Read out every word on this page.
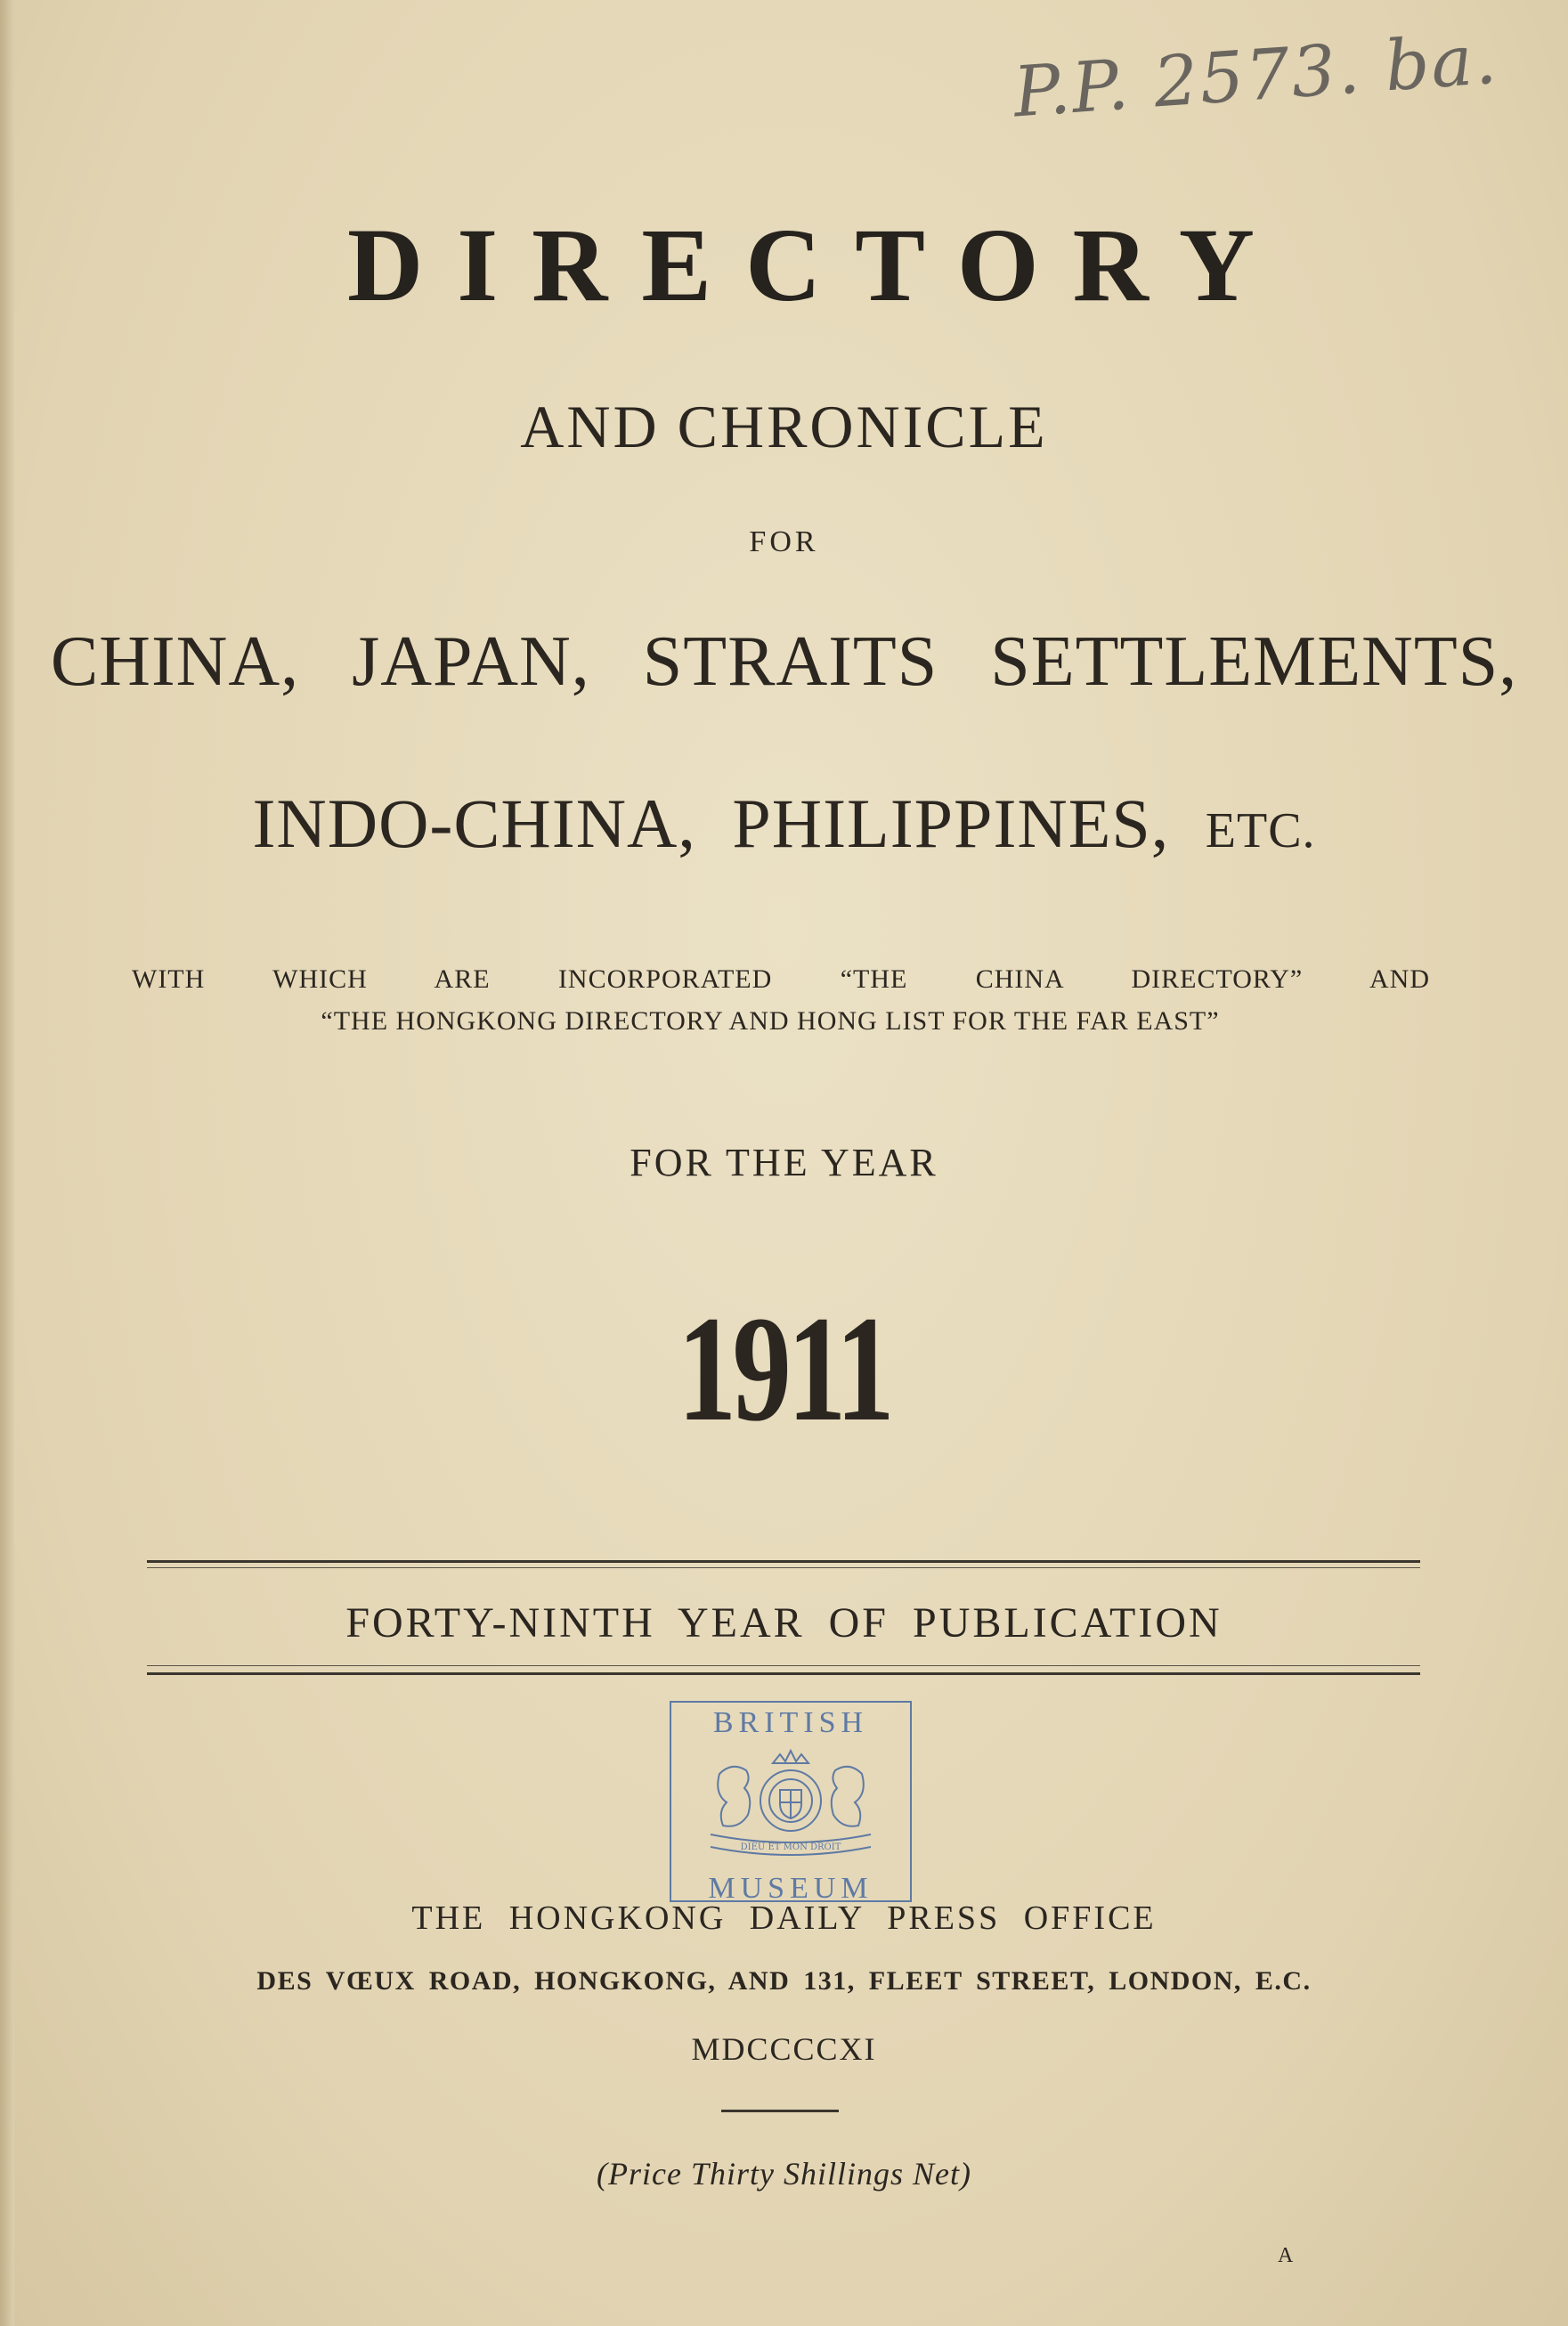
P.P. 2573. ba.
DIRECTORY
AND CHRONICLE
FOR
CHINA, JAPAN, STRAITS SETTLEMENTS,
INDO-CHINA, PHILIPPINES, ETC.
WITH WHICH ARE INCORPORATED “THE CHINA DIRECTORY” AND
“THE HONGKONG DIRECTORY AND HONG LIST FOR THE FAR EAST”
FOR THE YEAR
1911
FORTY-NINTH YEAR OF PUBLICATION
BRITISH
DIEU ET MON DROIT
MUSEUM
THE HONGKONG DAILY PRESS OFFICE
DES VŒUX ROAD, HONGKONG, AND 131, FLEET STREET, LONDON, E.C.
MDCCCCXI
(Price Thirty Shillings Net)
A
